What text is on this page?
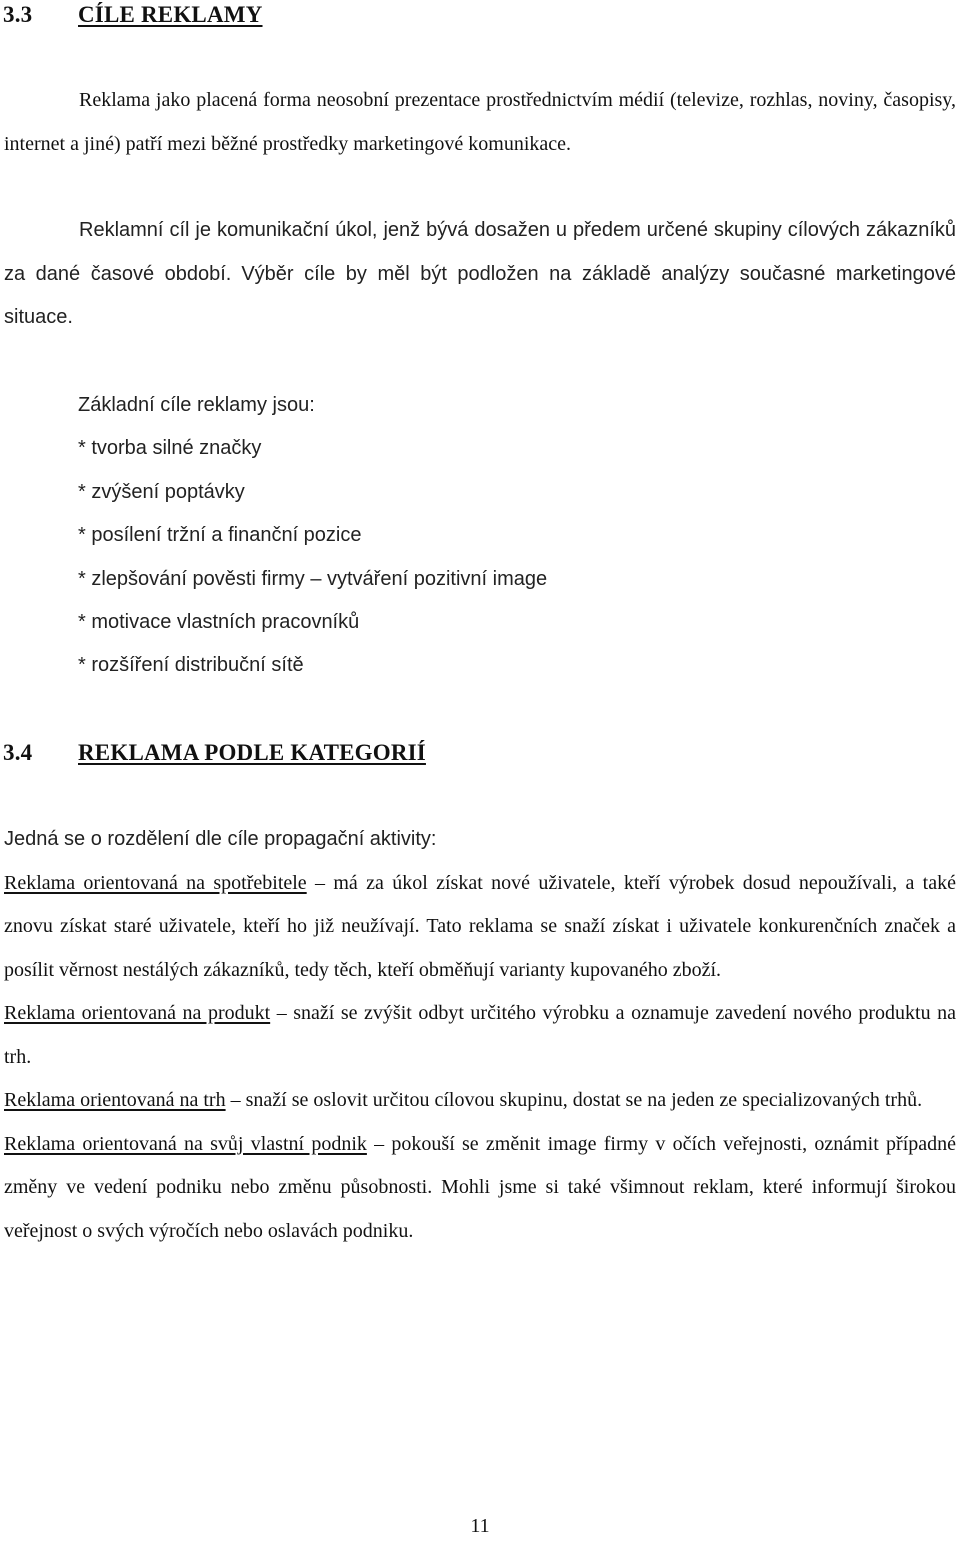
3.3 CÍLE REKLAMY

Reklama jako placená forma neosobní prezentace prostřednictvím médií (televize, rozhlas, noviny, časopisy, internet a jiné) patří mezi běžné prostředky marketingové komunikace.

Reklamní cíl je komunikační úkol, jenž bývá dosažen u předem určené skupiny cílových zákazníků za dané časové období. Výběr cíle by měl být podložen na základě analýzy současné marketingové situace.

Základní cíle reklamy jsou:
* tvorba silné značky
* zvýšení poptávky
* posílení tržní a finanční pozice
* zlepšování pověsti firmy – vytváření pozitivní image
* motivace vlastních pracovníků
* rozšíření distribuční sítě
3.4 REKLAMA PODLE KATEGORIÍ
Jedná se o rozdělení dle cíle propagační aktivity:
Reklama orientovaná na spotřebitele – má za úkol získat nové uživatele, kteří výrobek dosud nepoužívali, a také znovu získat staré uživatele, kteří ho již neužívají. Tato reklama se snaží získat i uživatele konkurenčních značek a posílit věrnost nestálých zákazníků, tedy těch, kteří obměňují varianty kupovaného zboží.
Reklama orientovaná na produkt – snaží se zvýšit odbyt určitého výrobku a oznamuje zavedení nového produktu na trh.
Reklama orientovaná na trh – snaží se oslovit určitou cílovou skupinu, dostat se na jeden ze specializovaných trhů.
Reklama orientovaná na svůj vlastní podnik – pokouší se změnit image firmy v očích veřejnosti, oznámit případné změny ve vedení podniku nebo změnu působnosti. Mohli jsme si také všimnout reklam, které informují širokou veřejnost o svých výročích nebo oslavách podniku.
11
